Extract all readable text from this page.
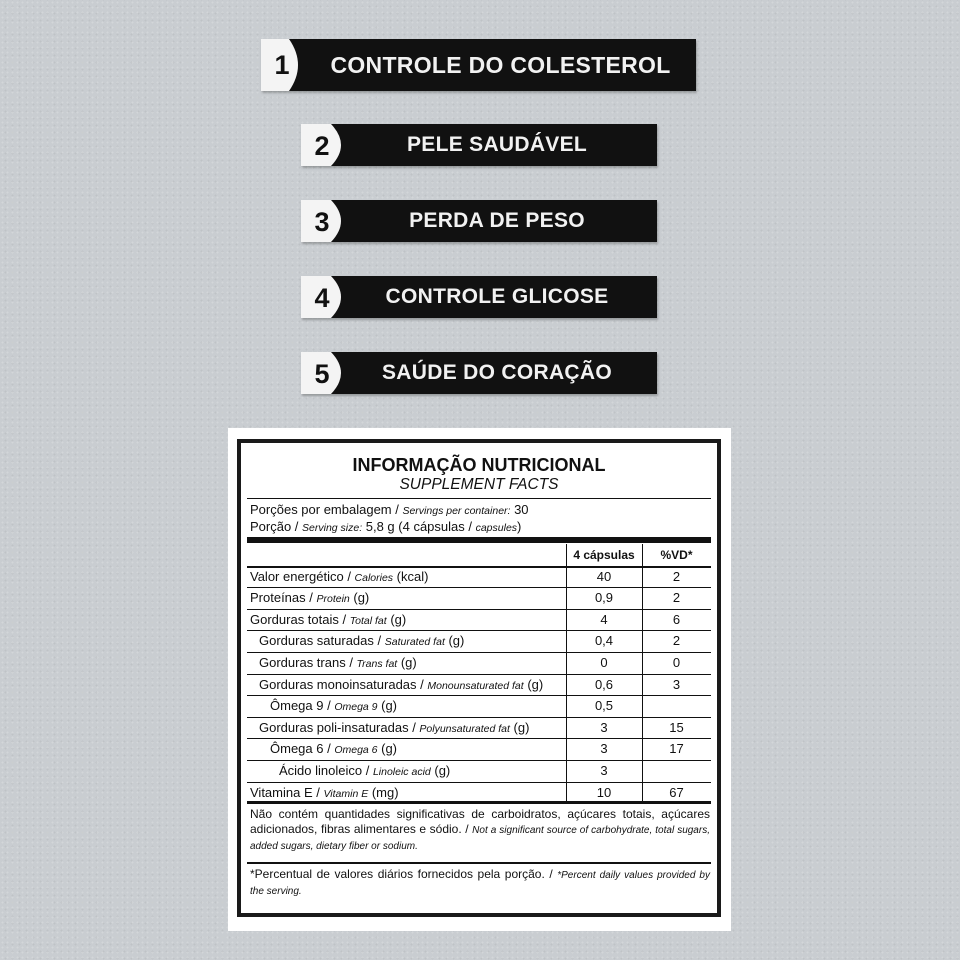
1	CONTROLE DO COLESTEROL
2	PELE SAUDÁVEL
3	PERDA DE PESO
4	CONTROLE GLICOSE
5	SAÚDE DO CORAÇÃO
INFORMAÇÃO NUTRICIONAL
SUPPLEMENT FACTS
Porções por embalagem / Servings per container: 30
Porção / Serving size: 5,8 g (4 cápsulas / capsules)
Não contém quantidades significativas de carboidratos, açúcares totais, açúcares adicionados, fibras alimentares e sódio. / Not a significant source of carbohydrate, total sugars, added sugars, dietary fiber or sodium.
*Percentual de valores diários fornecidos pela porção. / *Percent daily values provided by the serving.
4 cápsulas	%VD*
Valor energético / Calories (kcal)	40	2
Proteínas / Protein (g)	0,9	2
Gorduras totais / Total fat (g)	4	6
Gorduras saturadas / Saturated fat (g)	0,4	2
Gorduras trans / Trans fat (g)	0	0
Gorduras monoinsaturadas / Monounsaturated fat (g)	0,6	3
Ômega 9 / Omega 9 (g)	0,5
Gorduras poli-insaturadas / Polyunsaturated fat (g)	3	15
Ômega 6 / Omega 6 (g)	3	17
Ácido linoleico / Linoleic acid (g)	3
Vitamina E / Vitamin E (mg)	10	67
